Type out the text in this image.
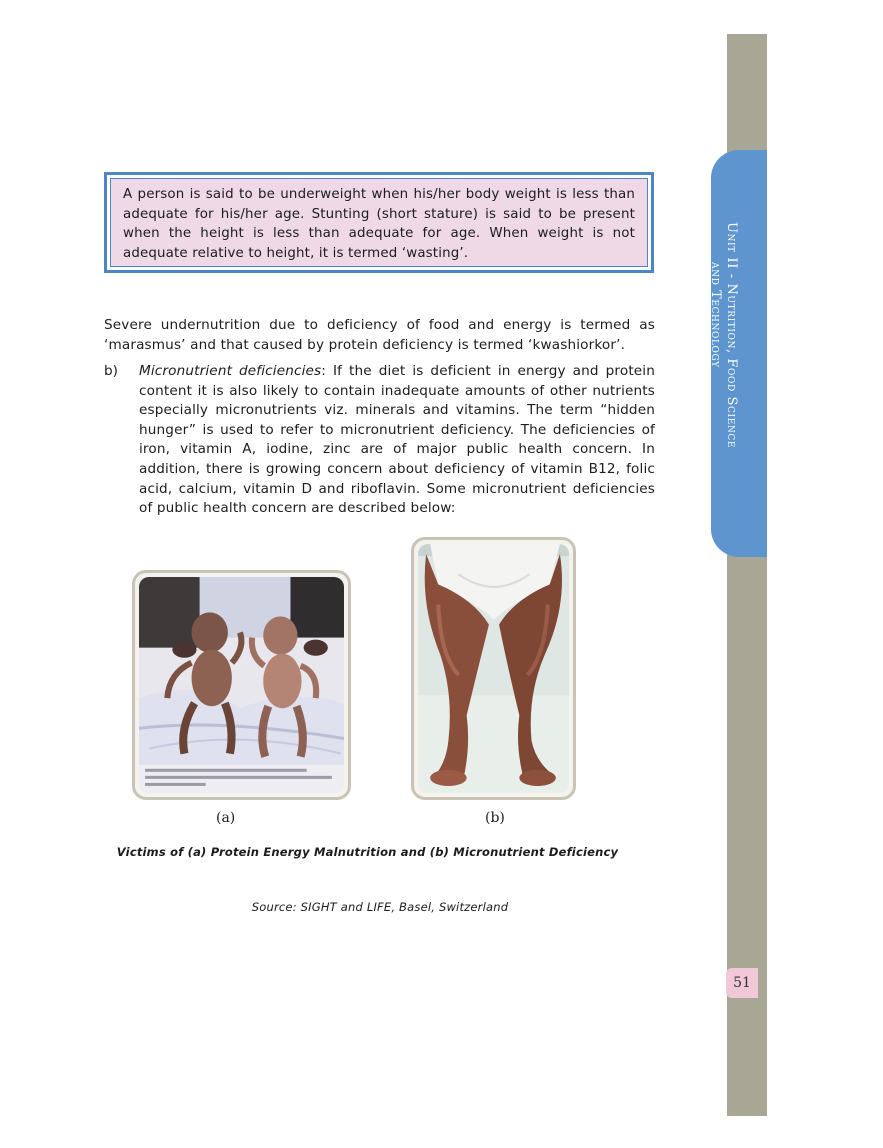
Unit II - Nutrition, Food Science
and Technology
51
A person is said to be underweight when his/her body weight is less than adequate for his/her age. Stunting (short stature) is said to be present when the height is less than adequate for age. When weight is not adequate relative to height, it is termed ‘wasting’.

Severe undernutrition due to deficiency of food and energy is termed as ‘marasmus’ and that caused by protein deficiency is termed ‘kwashiorkor’.

b) Micronutrient deficiencies: If the diet is deficient in energy and protein content it is also likely to contain inadequate amounts of other nutrients especially micronutrients viz. minerals and vitamins. The term “hidden hunger” is used to refer to micronutrient deficiency. The deficiencies of iron, vitamin A, iodine, zinc are of major public health concern. In addition, there is growing concern about deficiency of vitamin B12, folic acid, calcium, vitamin D and riboflavin. Some micronutrient deficiencies of public health concern are described below:

(a)	(b)

Victims of (a) Protein Energy Malnutrition and (b) Micronutrient Deficiency

Source: SIGHT and LIFE, Basel, Switzerland
